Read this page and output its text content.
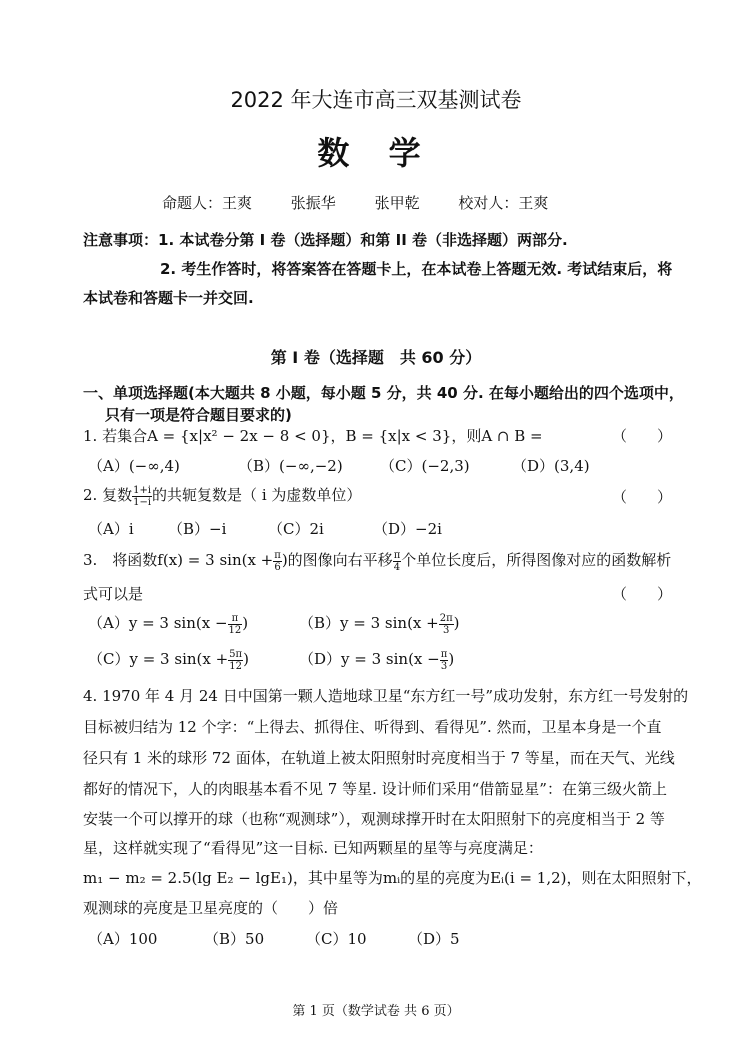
2022 年大连市高三双基测试卷
数 学
命题人：王爽	张振华	张甲乾	校对人：王爽
注意事项：1. 本试卷分第 I 卷（选择题）和第 II 卷（非选择题）两部分.
2. 考生作答时，将答案答在答题卡上，在本试卷上答题无效. 考试结束后，将
本试卷和答题卡一并交回.
第 I 卷（选择题　共 60 分）
一、单项选择题(本大题共 8 小题，每小题 5 分，共 40 分. 在每小题给出的四个选项中，
只有一项是符合题目要求的)
1. 若集合A = {x|x² − 2x − 8 < 0}，B = {x|x < 3}，则A ∩ B =	（　　）
（A）(−∞,4)	（B）(−∞,−2) （C）(−2,3)	（D）(3,4)
2. 复数 $\frac{1+i}{1-i}$ 的共轭复数是（ i 为虚数单位）	（　　）
（A）i （B）−i	（C）2i	（D）−2i
3.　将函数f(x) = 3 $\sin(x + \frac{\pi}{6}$ )的图像向右平移 $\frac{\pi}{4}$ 个单位长度后，所得图像对应的函数解析
式可以是	（　　）
（A）y = 3 $\sin(x - \frac{\pi}{12}$ )	（B）y = 3 $\sin(x + \frac{2\pi}{3}$ )
（C）y = 3 $\sin(x + \frac{5\pi}{12}$ )	（D）y = 3 $\sin(x - \frac{\pi}{3}$ )
4. 1970 年 4 月 24 日中国第一颗人造地球卫星“东方红一号”成功发射，东方红一号发射的
目标被归结为 12 个字：“上得去、抓得住、听得到、看得见”. 然而，卫星本身是一个直
径只有 1 米的球形 72 面体，在轨道上被太阳照射时亮度相当于 7 等星，而在天气、光线
都好的情况下，人的肉眼基本看不见 7 等星. 设计师们采用“借箭显星”：在第三级火箭上
安装一个可以撑开的球（也称“观测球”），观测球撑开时在太阳照射下的亮度相当于 2 等
星，这样就实现了“看得见”这一目标. 已知两颗星的星等与亮度满足：
m₁ − m₂ = 2.5(lg E₂ − lgE₁)，其中星等为mᵢ的星的亮度为Eᵢ(i = 1,2)，则在太阳照射下，
观测球的亮度是卫星亮度的（　　）倍
（A）100	（B）50	（C）10	（D）5
第 1 页（数学试卷 共 6 页）
